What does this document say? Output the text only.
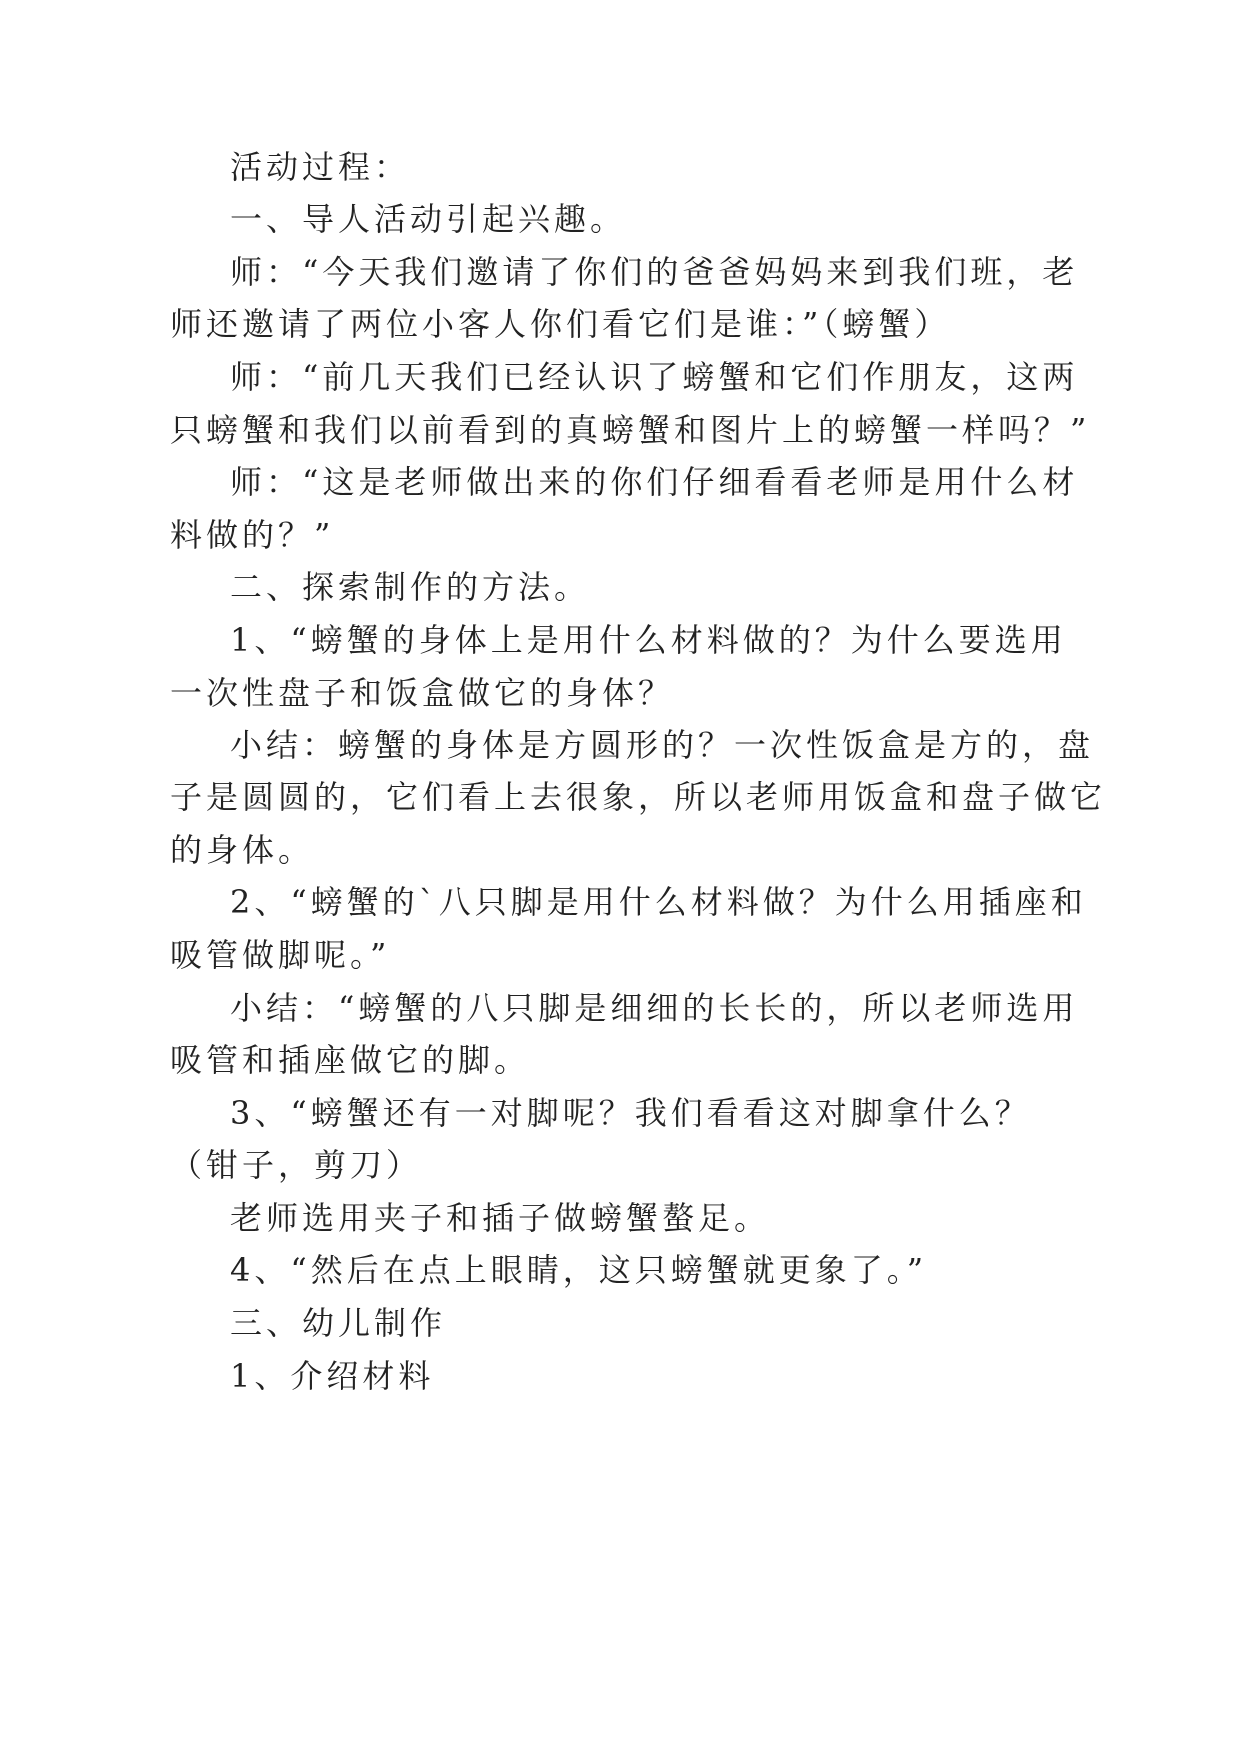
活动过程：
一、导人活动引起兴趣。
师：“今天我们邀请了你们的爸爸妈妈来到我们班，老
师还邀请了两位小客人你们看它们是谁：”（螃蟹）
师：“前几天我们已经认识了螃蟹和它们作朋友，这两
只螃蟹和我们以前看到的真螃蟹和图片上的螃蟹一样吗？”
师：“这是老师做出来的你们仔细看看老师是用什么材
料做的？”
二、探索制作的方法。
1、“螃蟹的身体上是用什么材料做的？为什么要选用
一次性盘子和饭盒做它的身体？
小结：螃蟹的身体是方圆形的？一次性饭盒是方的，盘
子是圆圆的，它们看上去很象，所以老师用饭盒和盘子做它
的身体。
2、“螃蟹的`八只脚是用什么材料做？为什么用插座和
吸管做脚呢。”
小结：“螃蟹的八只脚是细细的长长的，所以老师选用
吸管和插座做它的脚。
3、“螃蟹还有一对脚呢？我们看看这对脚拿什么？
（钳子，剪刀）
老师选用夹子和插子做螃蟹螯足。
4、“然后在点上眼睛，这只螃蟹就更象了。”
三、幼儿制作
1、介绍材料
